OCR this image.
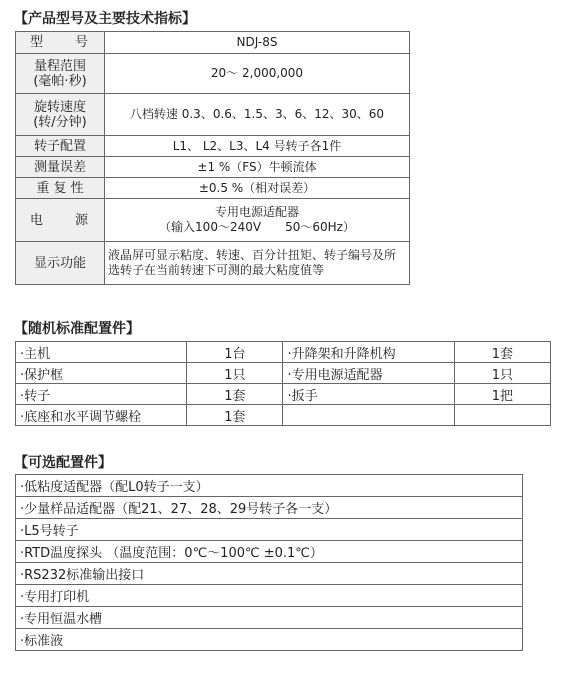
【产品型号及主要技术指标】
型　　号	NDJ-8S

量程范围
(毫帕·秒)	20～ 2,000,000

旋转速度
(转/分钟)	八档转速 0.3、0.6、1.5、3、6、12、30、60
转子配置	L1、 L2、L3、L4 号转子各1件
测量误差	±1 %（FS）牛顿流体
重 复 性	±0.5 %（相对误差）
电　　源	专用电源适配器
（输入100～240V　　50～60Hz）

显示功能	液晶屏可显示粘度、转速、百分计扭矩、转子编号及所选转子在当前转速下可测的最大粘度值等
【随机标准配置件】
·主机	1台	·升降架和升降机构	1套
·保护框	1只	·专用电源适配器	1只
·转子	1套	·扳手	1把
·底座和水平调节螺栓	1套		
【可选配置件】
·低粘度适配器（配L0转子一支）
·少量样品适配器（配21、27、28、29号转子各一支）
·L5号转子
·RTD温度探头 （温度范围：0℃～100℃ ±0.1℃）
·RS232标准输出接口
·专用打印机
·专用恒温水槽
·标准液
